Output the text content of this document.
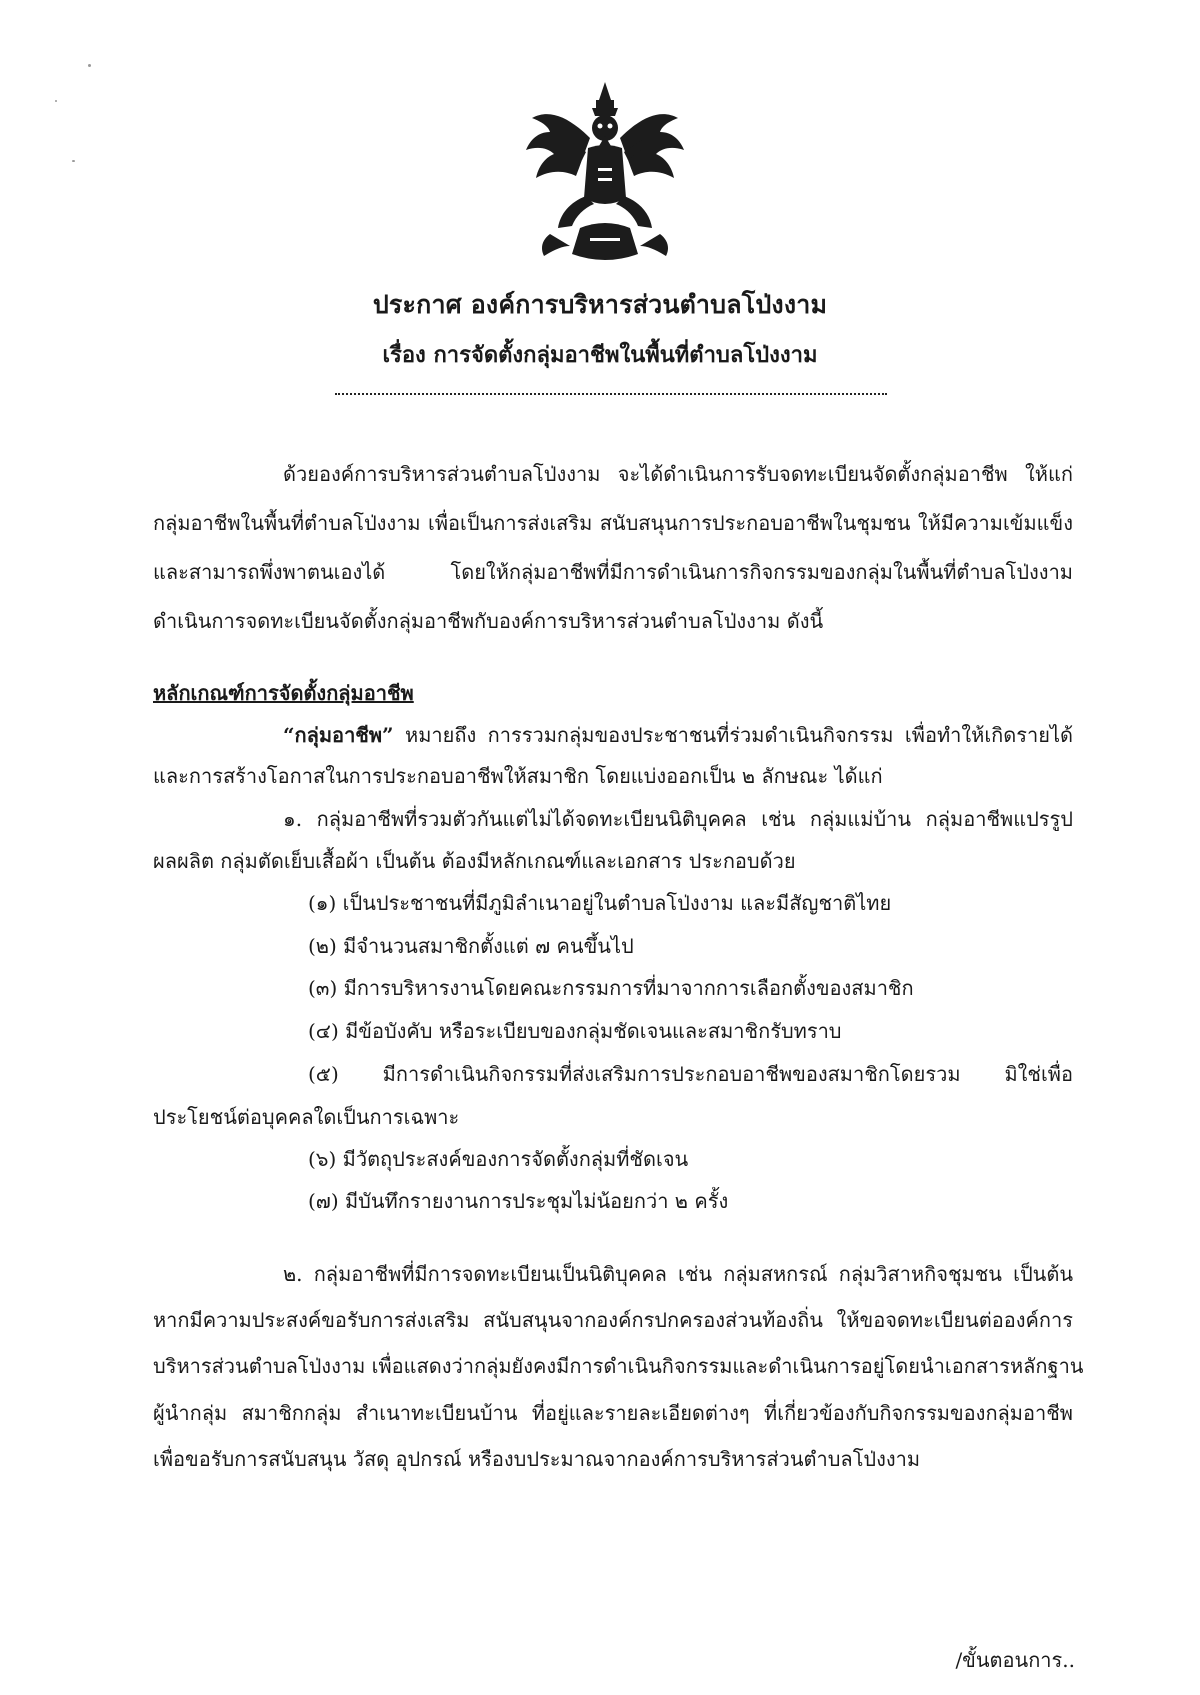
ประกาศ องค์การบริหารส่วนตำบลโป่งงาม
เรื่อง การจัดตั้งกลุ่มอาชีพในพื้นที่ตำบลโป่งงาม
ด้วยองค์การบริหารส่วนตำบลโป่งงาม จะได้ดำเนินการรับจดทะเบียนจัดตั้งกลุ่มอาชีพ ให้แก่
กลุ่มอาชีพในพื้นที่ตำบลโป่งงาม เพื่อเป็นการส่งเสริม สนับสนุนการประกอบอาชีพในชุมชน ให้มีความเข้มแข็ง
และสามารถพึ่งพาตนเองได้ โดยให้กลุ่มอาชีพที่มีการดำเนินการกิจกรรมของกลุ่มในพื้นที่ตำบลโป่งงาม
ดำเนินการจดทะเบียนจัดตั้งกลุ่มอาชีพกับองค์การบริหารส่วนตำบลโป่งงาม ดังนี้
หลักเกณฑ์การจัดตั้งกลุ่มอาชีพ
“กลุ่มอาชีพ” หมายถึง การรวมกลุ่มของประชาชนที่ร่วมดำเนินกิจกรรม เพื่อทำให้เกิดรายได้
และการสร้างโอกาสในการประกอบอาชีพให้สมาชิก โดยแบ่งออกเป็น ๒ ลักษณะ ได้แก่
๑. กลุ่มอาชีพที่รวมตัวกันแต่ไม่ได้จดทะเบียนนิติบุคคล เช่น กลุ่มแม่บ้าน กลุ่มอาชีพแปรรูป
ผลผลิต กลุ่มตัดเย็บเสื้อผ้า เป็นต้น ต้องมีหลักเกณฑ์และเอกสาร ประกอบด้วย
(๑) เป็นประชาชนที่มีภูมิลำเนาอยู่ในตำบลโป่งงาม และมีสัญชาติไทย
(๒) มีจำนวนสมาชิกตั้งแต่ ๗ คนขึ้นไป
(๓) มีการบริหารงานโดยคณะกรรมการที่มาจากการเลือกตั้งของสมาชิก
(๔) มีข้อบังคับ หรือระเบียบของกลุ่มชัดเจนและสมาชิกรับทราบ
(๕) มีการดำเนินกิจกรรมที่ส่งเสริมการประกอบอาชีพของสมาชิกโดยรวม มิใช่เพื่อ
ประโยชน์ต่อบุคคลใดเป็นการเฉพาะ
(๖) มีวัตถุประสงค์ของการจัดตั้งกลุ่มที่ชัดเจน
(๗) มีบันทึกรายงานการประชุมไม่น้อยกว่า ๒ ครั้ง
๒. กลุ่มอาชีพที่มีการจดทะเบียนเป็นนิติบุคคล เช่น กลุ่มสหกรณ์ กลุ่มวิสาหกิจชุมชน เป็นต้น
หากมีความประสงค์ขอรับการส่งเสริม สนับสนุนจากองค์กรปกครองส่วนท้องถิ่น ให้ขอจดทะเบียนต่อองค์การ
บริหารส่วนตำบลโป่งงาม เพื่อแสดงว่ากลุ่มยังคงมีการดำเนินกิจกรรมและดำเนินการอยู่โดยนำเอกสารหลักฐาน
ผู้นำกลุ่ม สมาชิกกลุ่ม สำเนาทะเบียนบ้าน ที่อยู่และรายละเอียดต่างๆ ที่เกี่ยวข้องกับกิจกรรมของกลุ่มอาชีพ
เพื่อขอรับการสนับสนุน วัสดุ อุปกรณ์ หรืองบประมาณจากองค์การบริหารส่วนตำบลโป่งงาม
/ขั้นตอนการ..
